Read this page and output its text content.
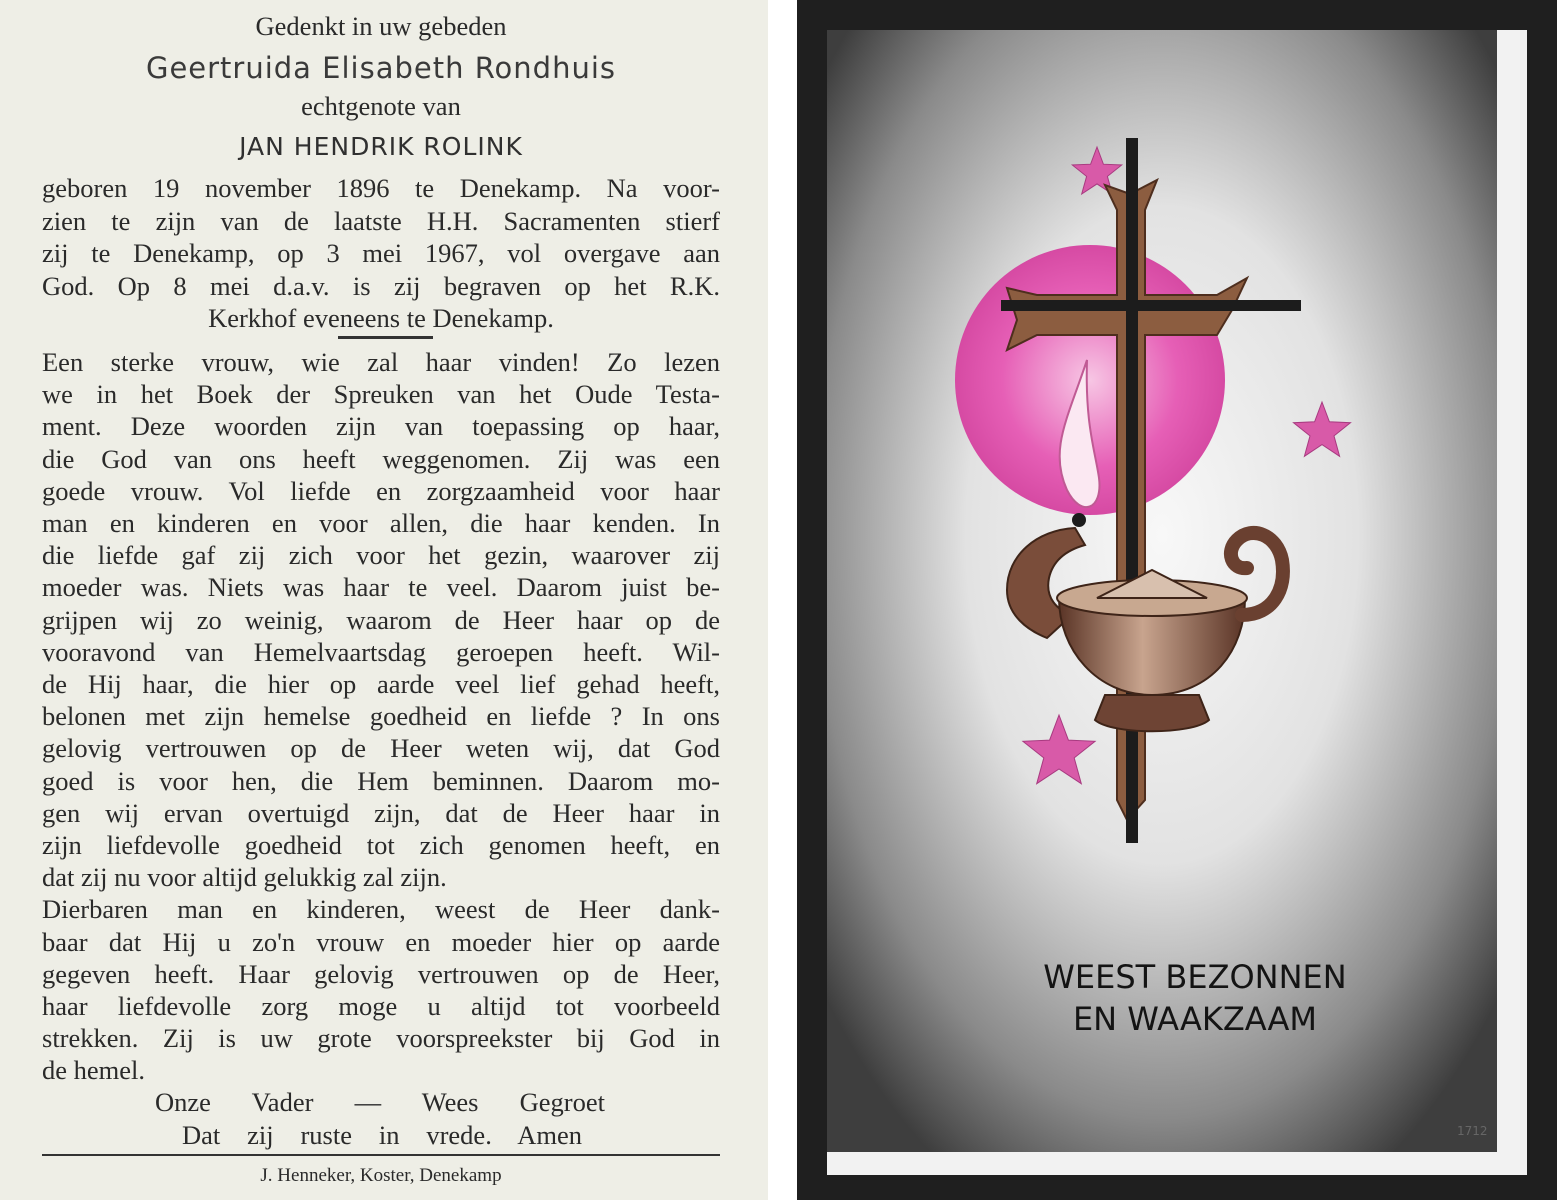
Gedenkt in uw gebeden

Geertruida Elisabeth Rondhuis

echtgenote van

JAN HENDRIK ROLINK

geboren 19 november 1896 te Denekamp. Na voor-

zien te zijn van de laatste H.H. Sacramenten stierf

zij te Denekamp, op 3 mei 1967, vol overgave aan

God. Op 8 mei d.a.v. is zij begraven op het R.K.

Kerkhof eveneens te Denekamp.

Een sterke vrouw, wie zal haar vinden! Zo lezen

we in het Boek der Spreuken van het Oude Testa-

ment. Deze woorden zijn van toepassing op haar,

die God van ons heeft weggenomen. Zij was een

goede vrouw. Vol liefde en zorgzaamheid voor haar

man en kinderen en voor allen, die haar kenden. In

die liefde gaf zij zich voor het gezin, waarover zij

moeder was. Niets was haar te veel. Daarom juist be-

grijpen wij zo weinig, waarom de Heer haar op de

vooravond van Hemelvaartsdag geroepen heeft. Wil-

de Hij haar, die hier op aarde veel lief gehad heeft,

belonen met zijn hemelse goedheid en liefde ? In ons

gelovig vertrouwen op de Heer weten wij, dat God

goed is voor hen, die Hem beminnen. Daarom mo-

gen wij ervan overtuigd zijn, dat de Heer haar in

zijn liefdevolle goedheid tot zich genomen heeft, en

dat zij nu voor altijd gelukkig zal zijn.

Dierbaren man en kinderen, weest de Heer dank-

baar dat Hij u zo'n vrouw en moeder hier op aarde

gegeven heeft. Haar gelovig vertrouwen op de Heer,

haar liefdevolle zorg moge u altijd tot voorbeeld

strekken. Zij is uw grote voorspreekster bij God in

de hemel.

Onze Vader — Wees Gegroet

Dat zij ruste in vrede. Amen

J. Henneker, Koster, Denekamp

1712

WEEST BEZONNEN
EN WAAKZAAM
